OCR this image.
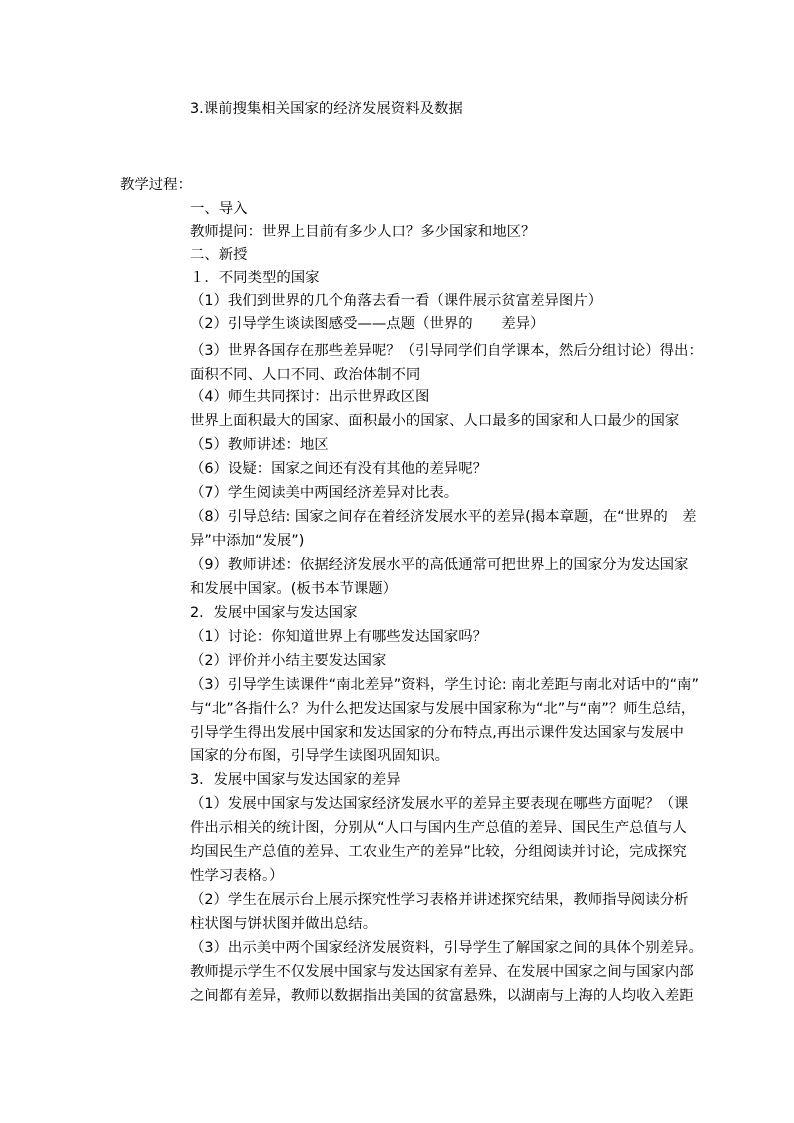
3.课前搜集相关国家的经济发展资料及数据
教学过程：
一、导入
教师提问：世界上目前有多少人口？多少国家和地区？
二、新授
１．不同类型的国家
（1）我们到世界的几个角落去看一看（课件展示贫富差异图片）
（2）引导学生谈读图感受——点题（世界的　　差异）
（3）世界各国存在那些差异呢？（引导同学们自学课本，然后分组讨论）得出：
面积不同、人口不同、政治体制不同
（4）师生共同探讨：出示世界政区图
世界上面积最大的国家、面积最小的国家、人口最多的国家和人口最少的国家
（5）教师讲述：地区
（6）设疑：国家之间还有没有其他的差异呢？
（7）学生阅读美中两国经济差异对比表。
（8）引导总结: 国家之间存在着经济发展水平的差异(揭本章题，在“世界的　差
异”中添加“发展”)
（9）教师讲述：依据经济发展水平的高低通常可把世界上的国家分为发达国家
和发展中国家。(板书本节课题）
2．发展中国家与发达国家
（1）讨论：你知道世界上有哪些发达国家吗？
（2）评价并小结主要发达国家
（3）引导学生读课件“南北差异”资料，学生讨论: 南北差距与南北对话中的“南”
与“北”各指什么？为什么把发达国家与发展中国家称为“北”与“南”？师生总结，
引导学生得出发展中国家和发达国家的分布特点,再出示课件发达国家与发展中
国家的分布图，引导学生读图巩固知识。
3．发展中国家与发达国家的差异
（1）发展中国家与发达国家经济发展水平的差异主要表现在哪些方面呢？（课
件出示相关的统计图，分别从“人口与国内生产总值的差异、国民生产总值与人
均国民生产总值的差异、工农业生产的差异”比较，分组阅读并讨论，完成探究
性学习表格。）
（2）学生在展示台上展示探究性学习表格并讲述探究结果，教师指导阅读分析
柱状图与饼状图并做出总结。
（3）出示美中两个国家经济发展资料，引导学生了解国家之间的具体个别差异。
教师提示学生不仅发展中国家与发达国家有差异、在发展中国家之间与国家内部
之间都有差异，教师以数据指出美国的贫富悬殊，以湖南与上海的人均收入差距
